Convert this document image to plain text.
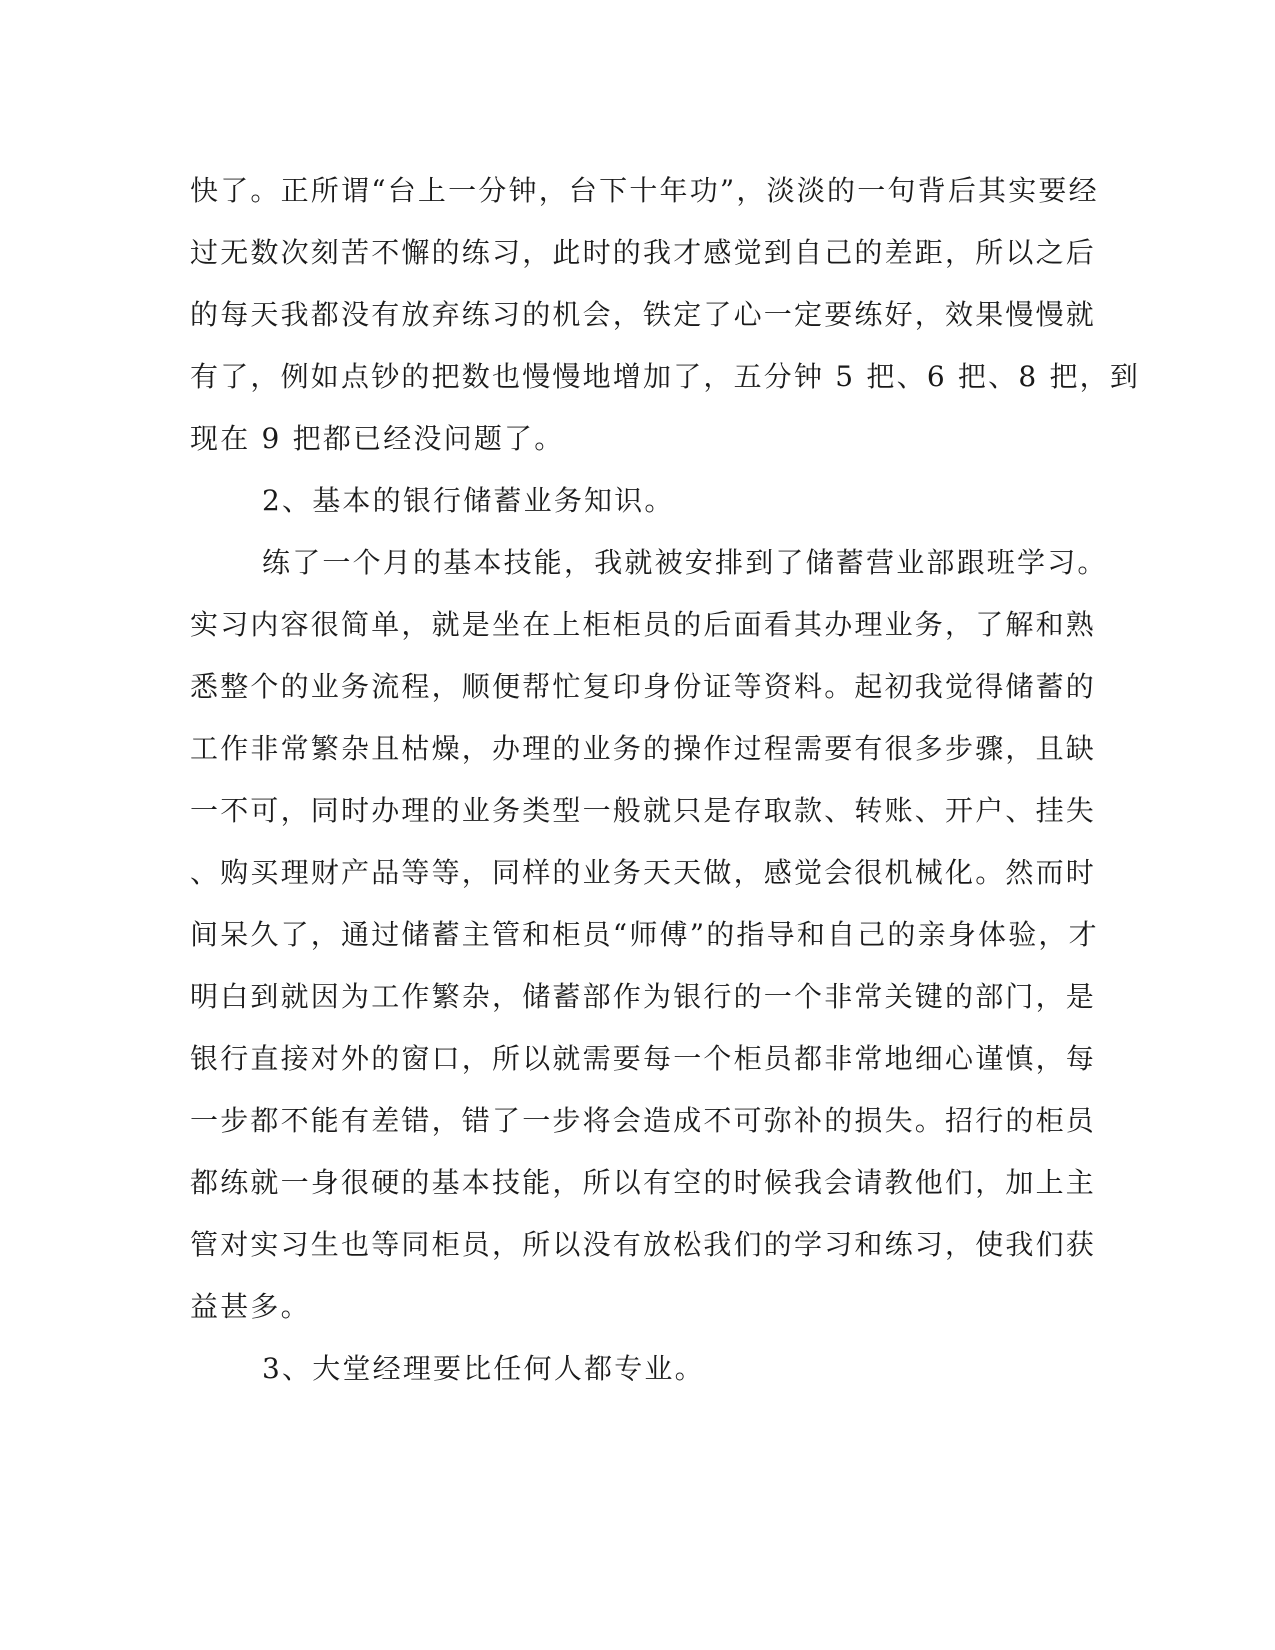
快了。正所谓“台上一分钟，台下十年功”，淡淡的一句背后其实要经
过无数次刻苦不懈的练习，此时的我才感觉到自己的差距，所以之后
的每天我都没有放弃练习的机会，铁定了心一定要练好，效果慢慢就
有了，例如点钞的把数也慢慢地增加了，五分钟 5 把、6 把、8 把，到
现在 9 把都已经没问题了。
2、基本的银行储蓄业务知识。
练了一个月的基本技能，我就被安排到了储蓄营业部跟班学习。
实习内容很简单，就是坐在上柜柜员的后面看其办理业务，了解和熟
悉整个的业务流程，顺便帮忙复印身份证等资料。起初我觉得储蓄的
工作非常繁杂且枯燥，办理的业务的操作过程需要有很多步骤，且缺
一不可，同时办理的业务类型一般就只是存取款、转账、开户、挂失
、购买理财产品等等，同样的业务天天做，感觉会很机械化。然而时
间呆久了，通过储蓄主管和柜员“师傅”的指导和自己的亲身体验，才
明白到就因为工作繁杂，储蓄部作为银行的一个非常关键的部门，是
银行直接对外的窗口，所以就需要每一个柜员都非常地细心谨慎，每
一步都不能有差错，错了一步将会造成不可弥补的损失。招行的柜员
都练就一身很硬的基本技能，所以有空的时候我会请教他们，加上主
管对实习生也等同柜员，所以没有放松我们的学习和练习，使我们获
益甚多。
3、大堂经理要比任何人都专业。
